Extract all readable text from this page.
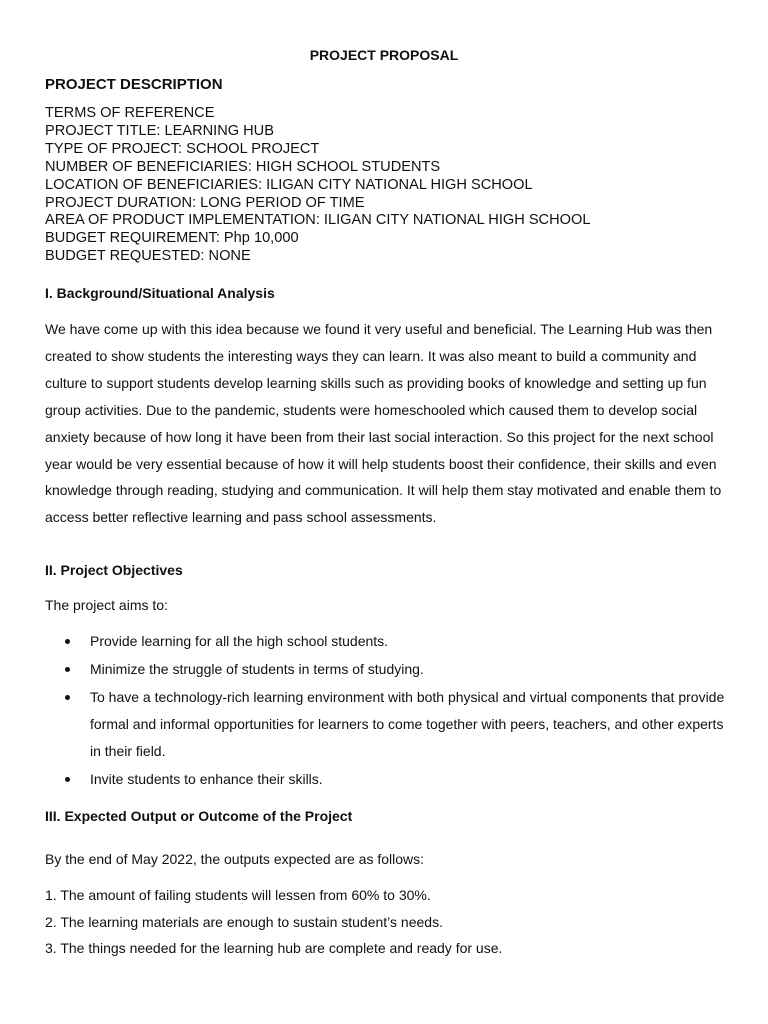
PROJECT PROPOSAL
PROJECT DESCRIPTION
TERMS OF REFERENCE
PROJECT TITLE: LEARNING HUB
TYPE OF PROJECT: SCHOOL PROJECT
NUMBER OF BENEFICIARIES: HIGH SCHOOL STUDENTS
LOCATION OF BENEFICIARIES: ILIGAN CITY NATIONAL HIGH SCHOOL
PROJECT DURATION: LONG PERIOD OF TIME
AREA OF PRODUCT IMPLEMENTATION: ILIGAN CITY NATIONAL HIGH SCHOOL
BUDGET REQUIREMENT: Php 10,000
BUDGET REQUESTED: NONE
I. Background/Situational Analysis

We have come up with this idea because we found it very useful and beneficial. The Learning Hub was then created to show students the interesting ways they can learn. It was also meant to build a community and culture to support students develop learning skills such as providing books of knowledge and setting up fun group activities. Due to the pandemic, students were homeschooled which caused them to develop social anxiety because of how long it have been from their last social interaction. So this project for the next school year would be very essential because of how it will help students boost their confidence, their skills and even knowledge through reading, studying and communication. It will help them stay motivated and enable them to access better reflective learning and pass school assessments.

II. Project Objectives
The project aims to:
Provide learning for all the high school students.
Minimize the struggle of students in terms of studying.
To have a technology-rich learning environment with both physical and virtual components that provide formal and informal opportunities for learners to come together with peers, teachers, and other experts in their field.
Invite students to enhance their skills.
III. Expected Output or Outcome of the Project
By the end of May 2022, the outputs expected are as follows:
1. The amount of failing students will lessen from 60% to 30%.
2. The learning materials are enough to sustain student’s needs.
3. The things needed for the learning hub are complete and ready for use.
